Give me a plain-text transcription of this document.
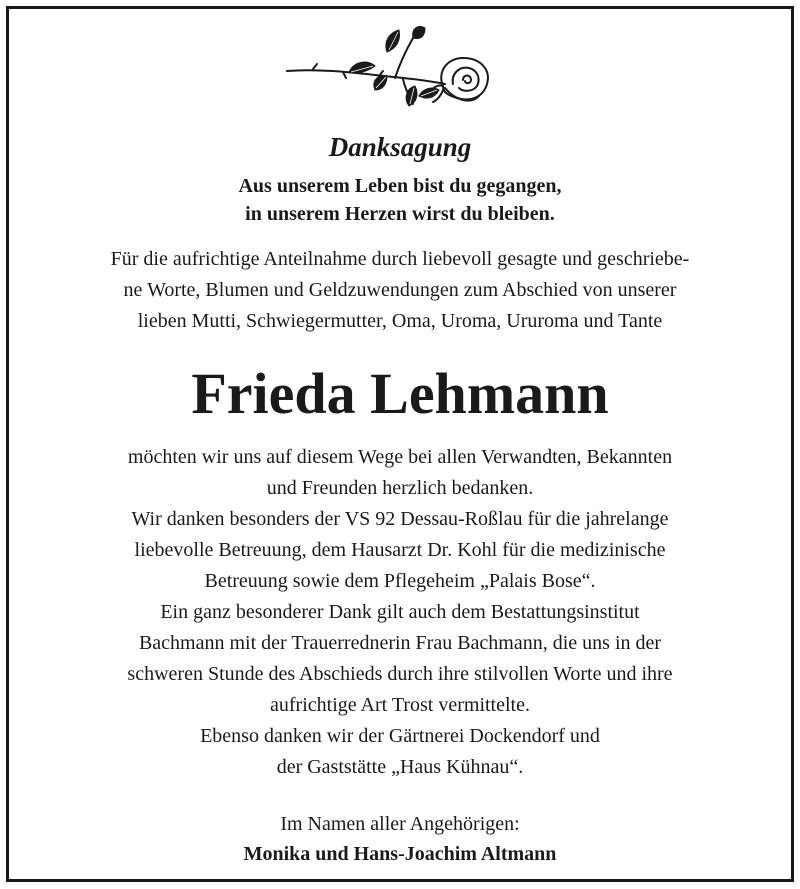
Danksagung
Aus unserem Leben bist du gegangen,
in unserem Herzen wirst du bleiben.
Für die aufrichtige Anteilnahme durch liebevoll gesagte und geschriebe-
ne Worte, Blumen und Geldzuwendungen zum Abschied von unserer
lieben Mutti, Schwiegermutter, Oma, Uroma, Ururoma und Tante
Frieda Lehmann
möchten wir uns auf diesem Wege bei allen Verwandten, Bekannten
und Freunden herzlich bedanken.
Wir danken besonders der VS 92 Dessau-Roßlau für die jahrelange
liebevolle Betreuung, dem Hausarzt Dr. Kohl für die medizinische
Betreuung sowie dem Pflegeheim „Palais Bose“.
Ein ganz besonderer Dank gilt auch dem Bestattungsinstitut
Bachmann mit der Trauerrednerin Frau Bachmann, die uns in der
schweren Stunde des Abschieds durch ihre stilvollen Worte und ihre
aufrichtige Art Trost vermittelte.
Ebenso danken wir der Gärtnerei Dockendorf und
der Gaststätte „Haus Kühnau“.
Im Namen aller Angehörigen:
Monika und Hans-Joachim Altmann
